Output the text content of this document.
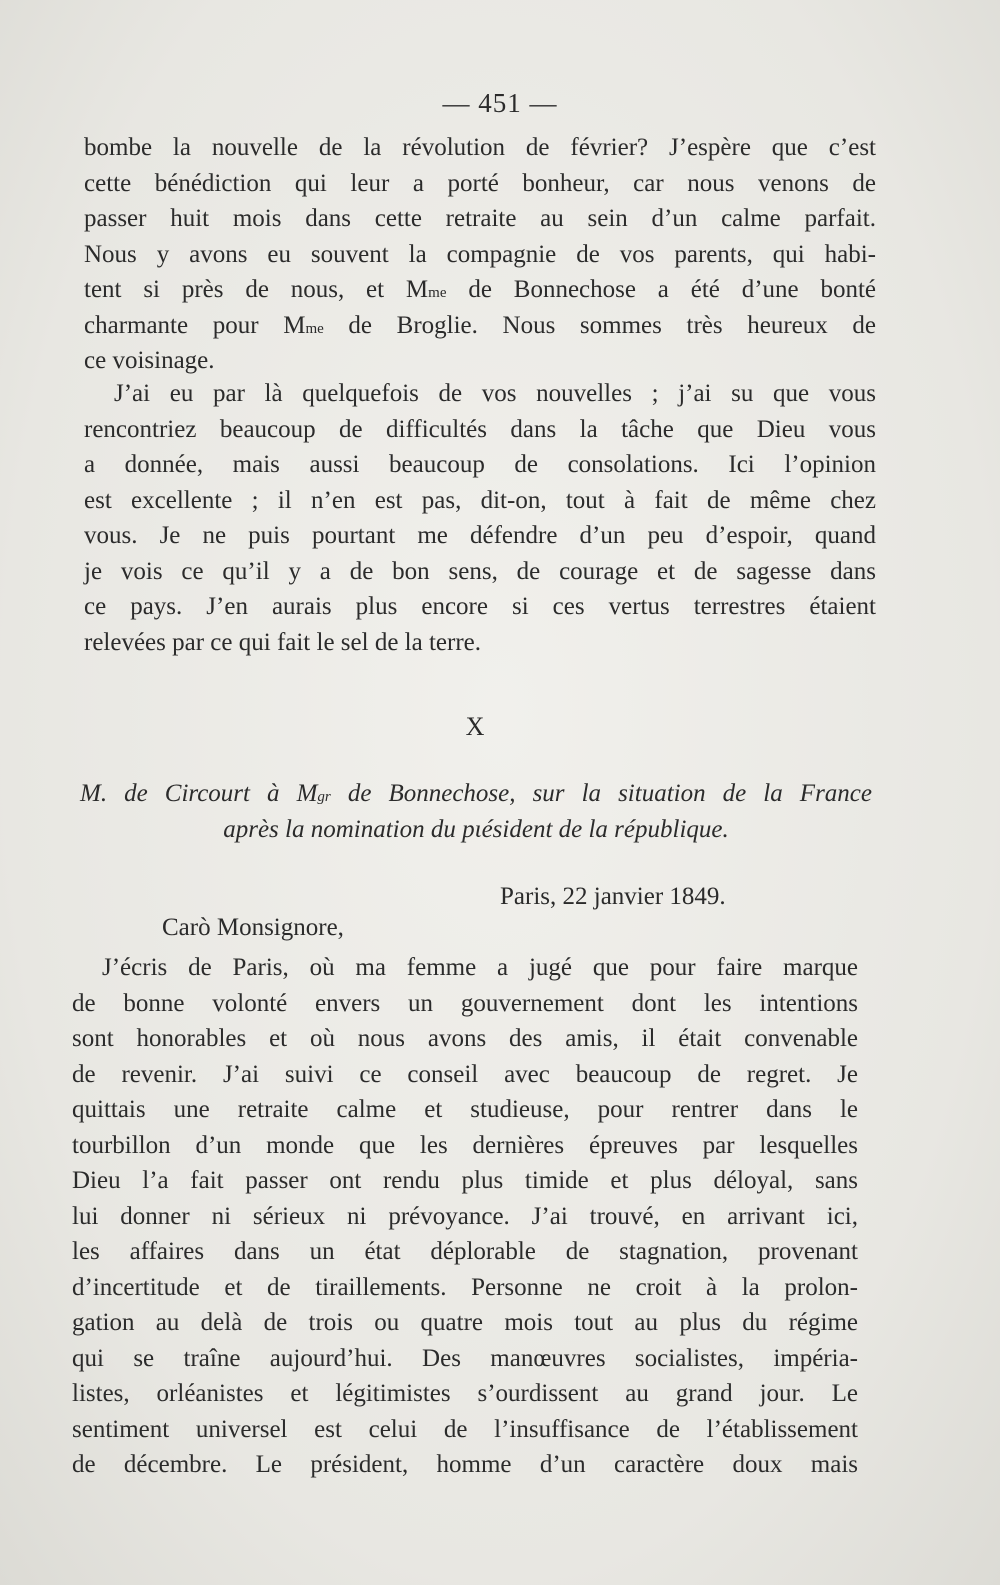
— 451 —
bombe la nouvelle de la révolution de février? J’espère que c’est
cette bénédiction qui leur a porté bonheur, car nous venons de
passer huit mois dans cette retraite au sein d’un calme parfait.
Nous y avons eu souvent la compagnie de vos parents, qui habi-
tent si près de nous, et $M^{me}$ de Bonnechose a été d’une bonté
charmante pour $M^{me}$ de Broglie. Nous sommes très heureux de
ce voisinage.
J’ai eu par là quelquefois de vos nouvelles ; j’ai su que vous
rencontriez beaucoup de difficultés dans la tâche que Dieu vous
a donnée, mais aussi beaucoup de consolations. Ici l’opinion
est excellente ; il n’en est pas, dit-on, tout à fait de même chez
vous. Je ne puis pourtant me défendre d’un peu d’espoir, quand
je vois ce qu’il y a de bon sens, de courage et de sagesse dans
ce pays. J’en aurais plus encore si ces vertus terrestres étaient
relevées par ce qui fait le sel de la terre.
X
M. de Circourt à $M^{gr}$ de Bonnechose, sur la situation de la France
après la nomination du pιésident de la république.
Paris, 22 janvier 1849.
Carò Monsignore,
J’écris de Paris, où ma femme a jugé que pour faire marque
de bonne volonté envers un gouvernement dont les intentions
sont honorables et où nous avons des amis, il était convenable
de revenir. J’ai suivi ce conseil avec beaucoup de regret. Je
quittais une retraite calme et studieuse, pour rentrer dans le
tourbillon d’un monde que les dernières épreuves par lesquelles
Dieu l’a fait passer ont rendu plus timide et plus déloyal, sans
lui donner ni sérieux ni prévoyance. J’ai trouvé, en arrivant ici,
les affaires dans un état déplorable de stagnation, provenant
d’incertitude et de tiraillements. Personne ne croit à la prolon-
gation au delà de trois ou quatre mois tout au plus du régime
qui se traîne aujourd’hui. Des manœuvres socialistes, impéria-
listes, orléanistes et légitimistes s’ourdissent au grand jour. Le
sentiment universel est celui de l’insuffisance de l’établissement
de décembre. Le président, homme d’un caractère doux mais
